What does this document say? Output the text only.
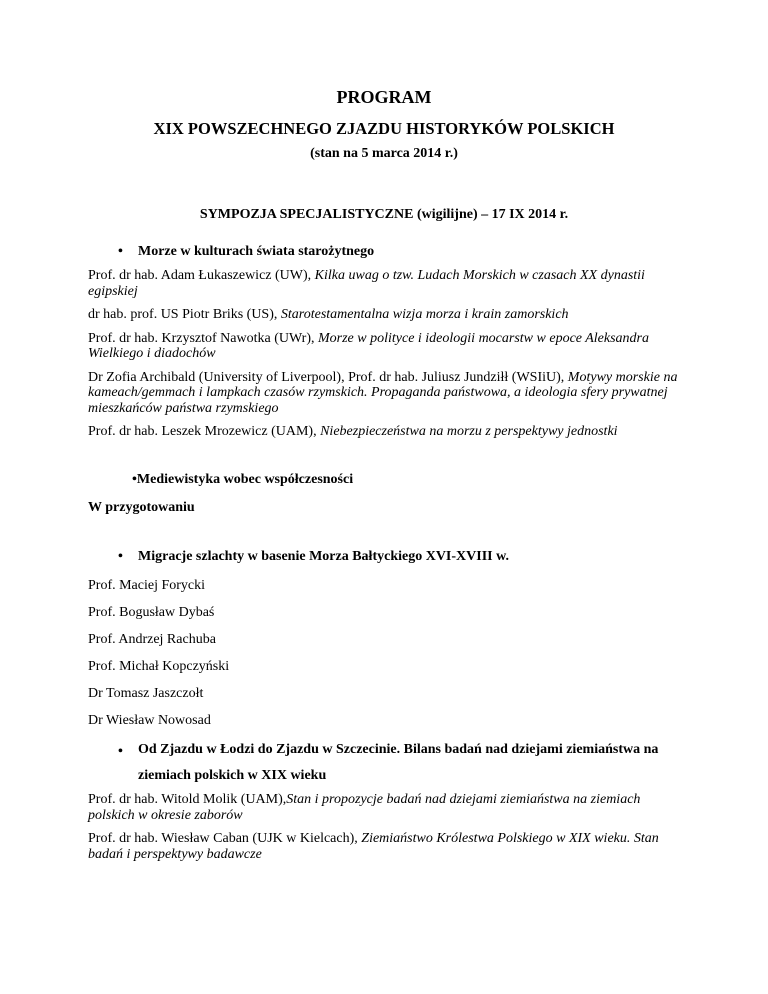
PROGRAM
XIX POWSZECHNEGO ZJAZDU HISTORYKÓW POLSKICH
(stan na 5 marca 2014 r.)
SYMPOZJA SPECJALISTYCZNE (wigilijne) – 17 IX 2014 r.
• Morze w kulturach świata starożytnego

Prof. dr hab. Adam Łukaszewicz (UW), Kilka uwag o tzw. Ludach Morskich w czasach XX dynastii egipskiej

dr hab. prof. US Piotr Briks (US), Starotestamentalna wizja morza i krain zamorskich

Prof. dr hab. Krzysztof Nawotka (UWr), Morze w polityce i ideologii mocarstw w epoce Aleksandra Wielkiego i diadochów

Dr Zofia Archibald (University of Liverpool), Prof. dr hab. Juliusz Jundziłł (WSIiU), Motywy morskie na kameach/gemmach i lampkach czasów rzymskich. Propaganda państwowa, a ideologia sfery prywatnej mieszkańców państwa rzymskiego

Prof. dr hab. Leszek Mrozewicz (UAM), Niebezpieczeństwa na morzu z perspektywy jednostki

•Mediewistyka wobec współczesności
W przygotowaniu
• Migracje szlachty w basenie Morza Bałtyckiego XVI-XVIII w.

Prof. Maciej Forycki

Prof. Bogusław Dybaś

Prof. Andrzej Rachuba

Prof. Michał Kopczyński

Dr Tomasz Jaszczołt

Dr Wiesław Nowosad

• Od Zjazdu w Łodzi do Zjazdu w Szczecinie. Bilans badań nad dziejami ziemiaństwa na
ziemiach polskich w XIX wieku

Prof. dr hab. Witold Molik (UAM),Stan i propozycje badań nad dziejami ziemiaństwa na ziemiach polskich w okresie zaborów

Prof. dr hab. Wiesław Caban (UJK w Kielcach), Ziemiaństwo Królestwa Polskiego w XIX wieku. Stan badań i perspektywy badawcze
